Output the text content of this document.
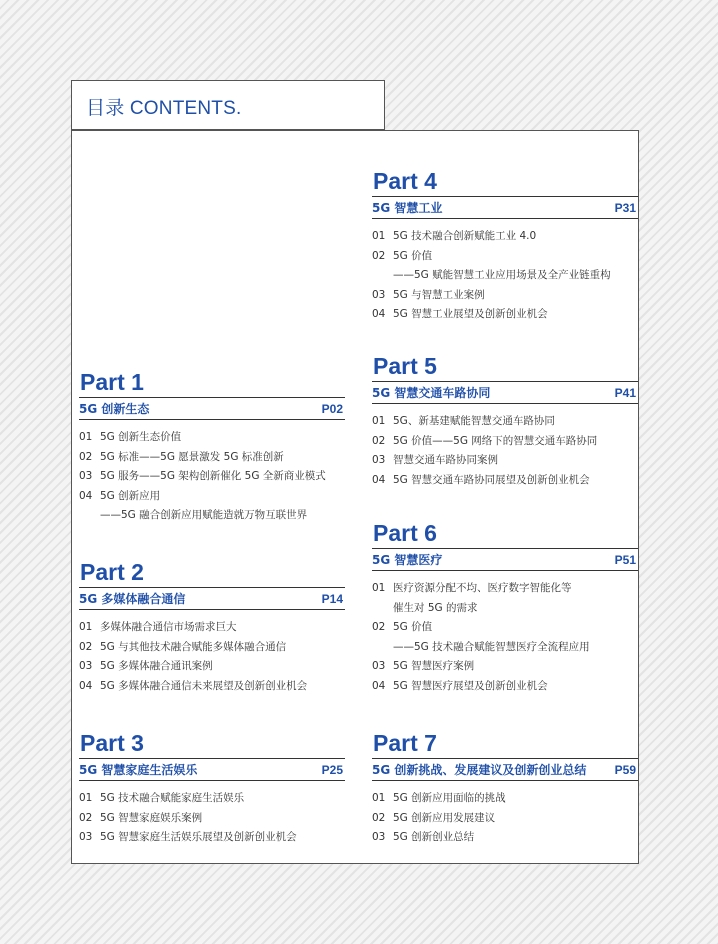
目录 CONTENTS.
Part 1
5G 创新生态	P02
01 5G 创新生态价值
02 5G 标准——5G 愿景激发 5G 标准创新
03 5G 服务——5G 架构创新催化 5G 全新商业模式
04 5G 创新应用
——5G 融合创新应用赋能造就万物互联世界
Part 2
5G 多媒体融合通信	P14
01 多媒体融合通信市场需求巨大
02 5G 与其他技术融合赋能多媒体融合通信
03 5G 多媒体融合通讯案例
04 5G 多媒体融合通信未来展望及创新创业机会
Part 3
5G 智慧家庭生活娱乐	P25
01 5G 技术融合赋能家庭生活娱乐
02 5G 智慧家庭娱乐案例
03 5G 智慧家庭生活娱乐展望及创新创业机会
Part 4
5G 智慧工业	P31
01 5G 技术融合创新赋能工业 4.0
02 5G 价值
——5G 赋能智慧工业应用场景及全产业链重构
03 5G 与智慧工业案例
04 5G 智慧工业展望及创新创业机会
Part 5
5G 智慧交通车路协同	P41
01 5G、新基建赋能智慧交通车路协同
02 5G 价值——5G 网络下的智慧交通车路协同
03 智慧交通车路协同案例
04 5G 智慧交通车路协同展望及创新创业机会
Part 6
5G 智慧医疗	P51
01 医疗资源分配不均、医疗数字智能化等
催生对 5G 的需求
02 5G 价值
——5G 技术融合赋能智慧医疗全流程应用
03 5G 智慧医疗案例
04 5G 智慧医疗展望及创新创业机会
Part 7
5G 创新挑战、发展建议及创新创业总结 P59
01 5G 创新应用面临的挑战
02 5G 创新应用发展建议
03 5G 创新创业总结
